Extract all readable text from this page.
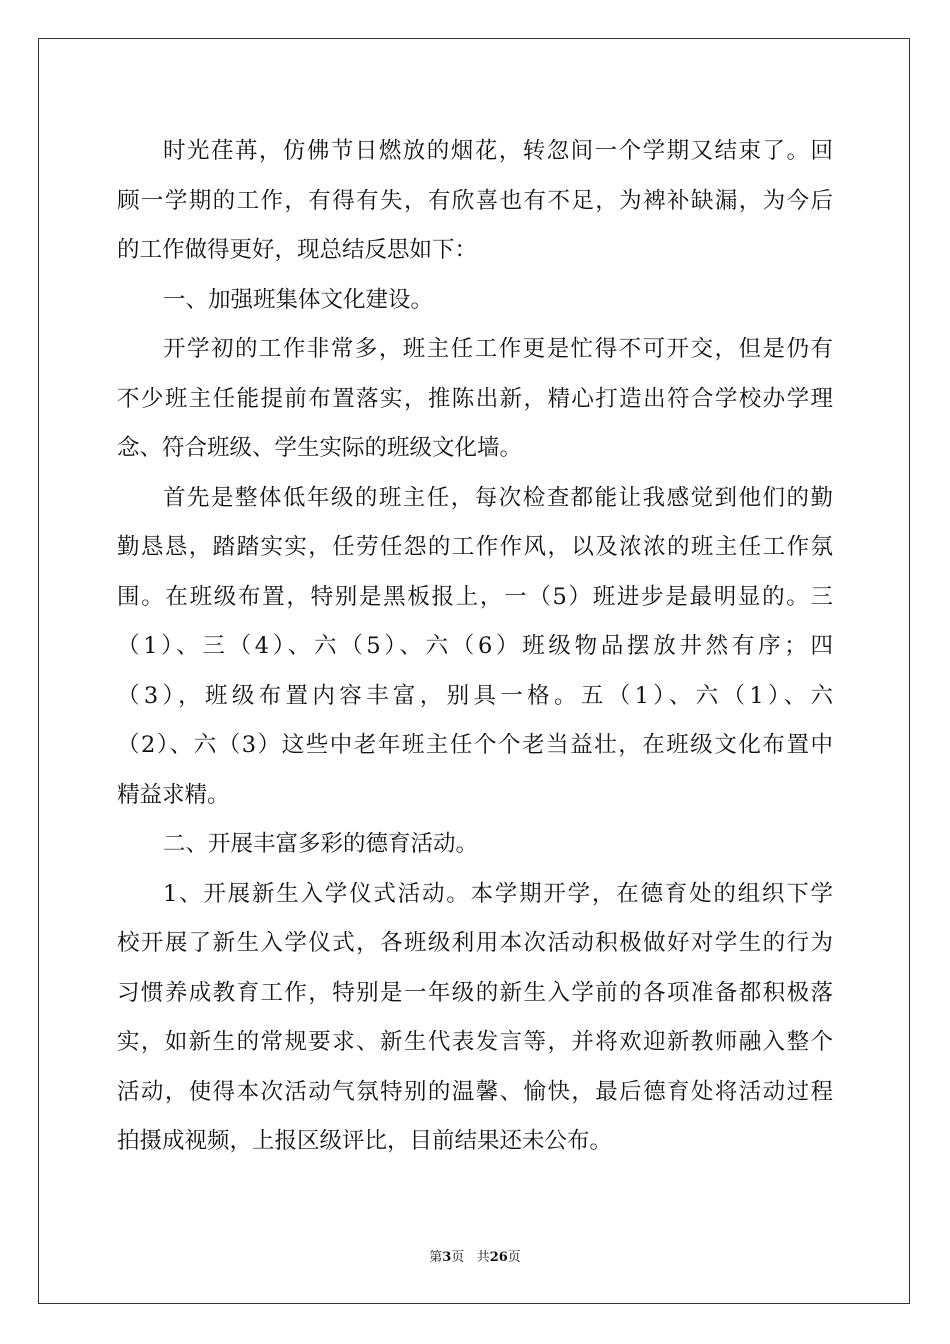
时光荏苒，仿佛节日燃放的烟花，转忽间一个学期又结束了。回
顾一学期的工作，有得有失，有欣喜也有不足，为裨补缺漏，为今后
的工作做得更好，现总结反思如下：
一、加强班集体文化建设。
开学初的工作非常多，班主任工作更是忙得不可开交，但是仍有
不少班主任能提前布置落实，推陈出新，精心打造出符合学校办学理
念、符合班级、学生实际的班级文化墙。
首先是整体低年级的班主任，每次检查都能让我感觉到他们的勤
勤恳恳，踏踏实实，任劳任怨的工作作风，以及浓浓的班主任工作氛
围。在班级布置，特别是黑板报上，一（5）班进步是最明显的。三
（1）、三（4）、六（5）、六（6）班级物品摆放井然有序；四
（3），班级布置内容丰富，别具一格。五（1）、六（1）、六
（2）、六（3）这些中老年班主任个个老当益壮，在班级文化布置中
精益求精。
二、开展丰富多彩的德育活动。
1、开展新生入学仪式活动。本学期开学，在德育处的组织下学
校开展了新生入学仪式，各班级利用本次活动积极做好对学生的行为
习惯养成教育工作，特别是一年级的新生入学前的各项准备都积极落
实，如新生的常规要求、新生代表发言等，并将欢迎新教师融入整个
活动，使得本次活动气氛特别的温馨、愉快，最后德育处将活动过程
拍摄成视频，上报区级评比，目前结果还未公布。
第3页 共26页
